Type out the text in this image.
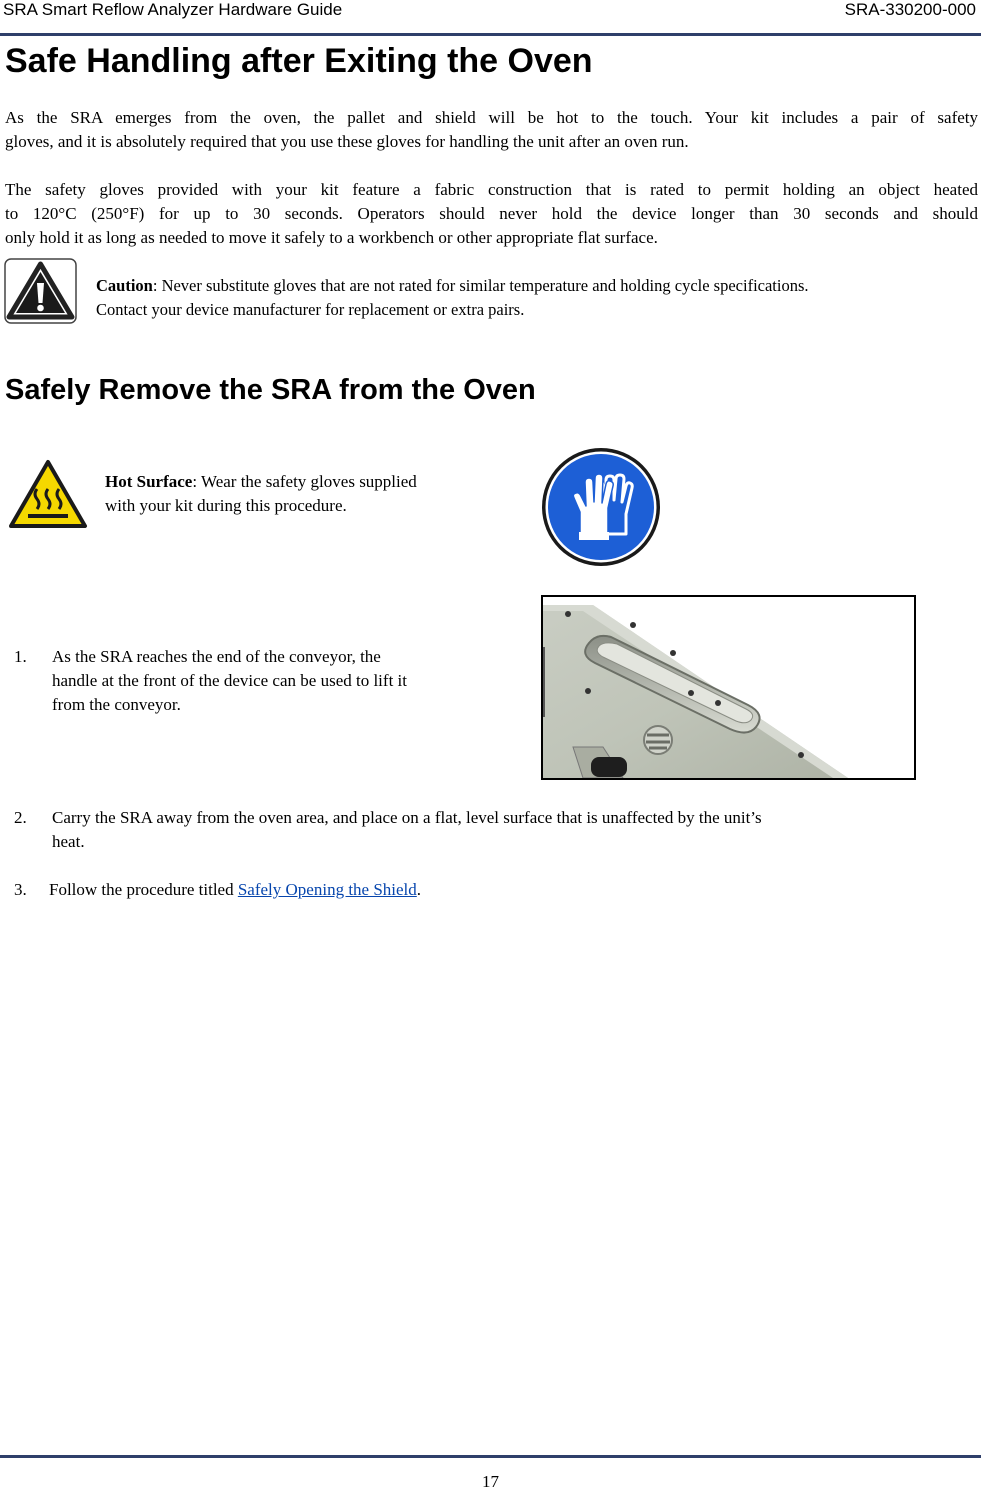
SRA Smart Reflow Analyzer Hardware Guide	SRA-330200-000
Safe Handling after Exiting the Oven
As the SRA emerges from the oven, the pallet and shield will be hot to the touch. Your kit includes a pair of safety
gloves, and it is absolutely required that you use these gloves for handling the unit after an oven run.
The safety gloves provided with your kit feature a fabric construction that is rated to permit holding an object heated
to 120°C (250°F) for up to 30 seconds. Operators should never hold the device longer than 30 seconds and should
only hold it as long as needed to move it safely to a workbench or other appropriate flat surface.
Caution: Never substitute gloves that are not rated for similar temperature and holding cycle specifications.
Contact your device manufacturer for replacement or extra pairs.
Safely Remove the SRA from the Oven
Hot Surface: Wear the safety gloves supplied
with your kit during this procedure.
1. As the SRA reaches the end of the conveyor, the
handle at the front of the device can be used to lift it
from the conveyor.
2. Carry the SRA away from the oven area, and place on a flat, level surface that is unaffected by the unit’s
heat.
3. Follow the procedure titled Safely Opening the Shield.
17
